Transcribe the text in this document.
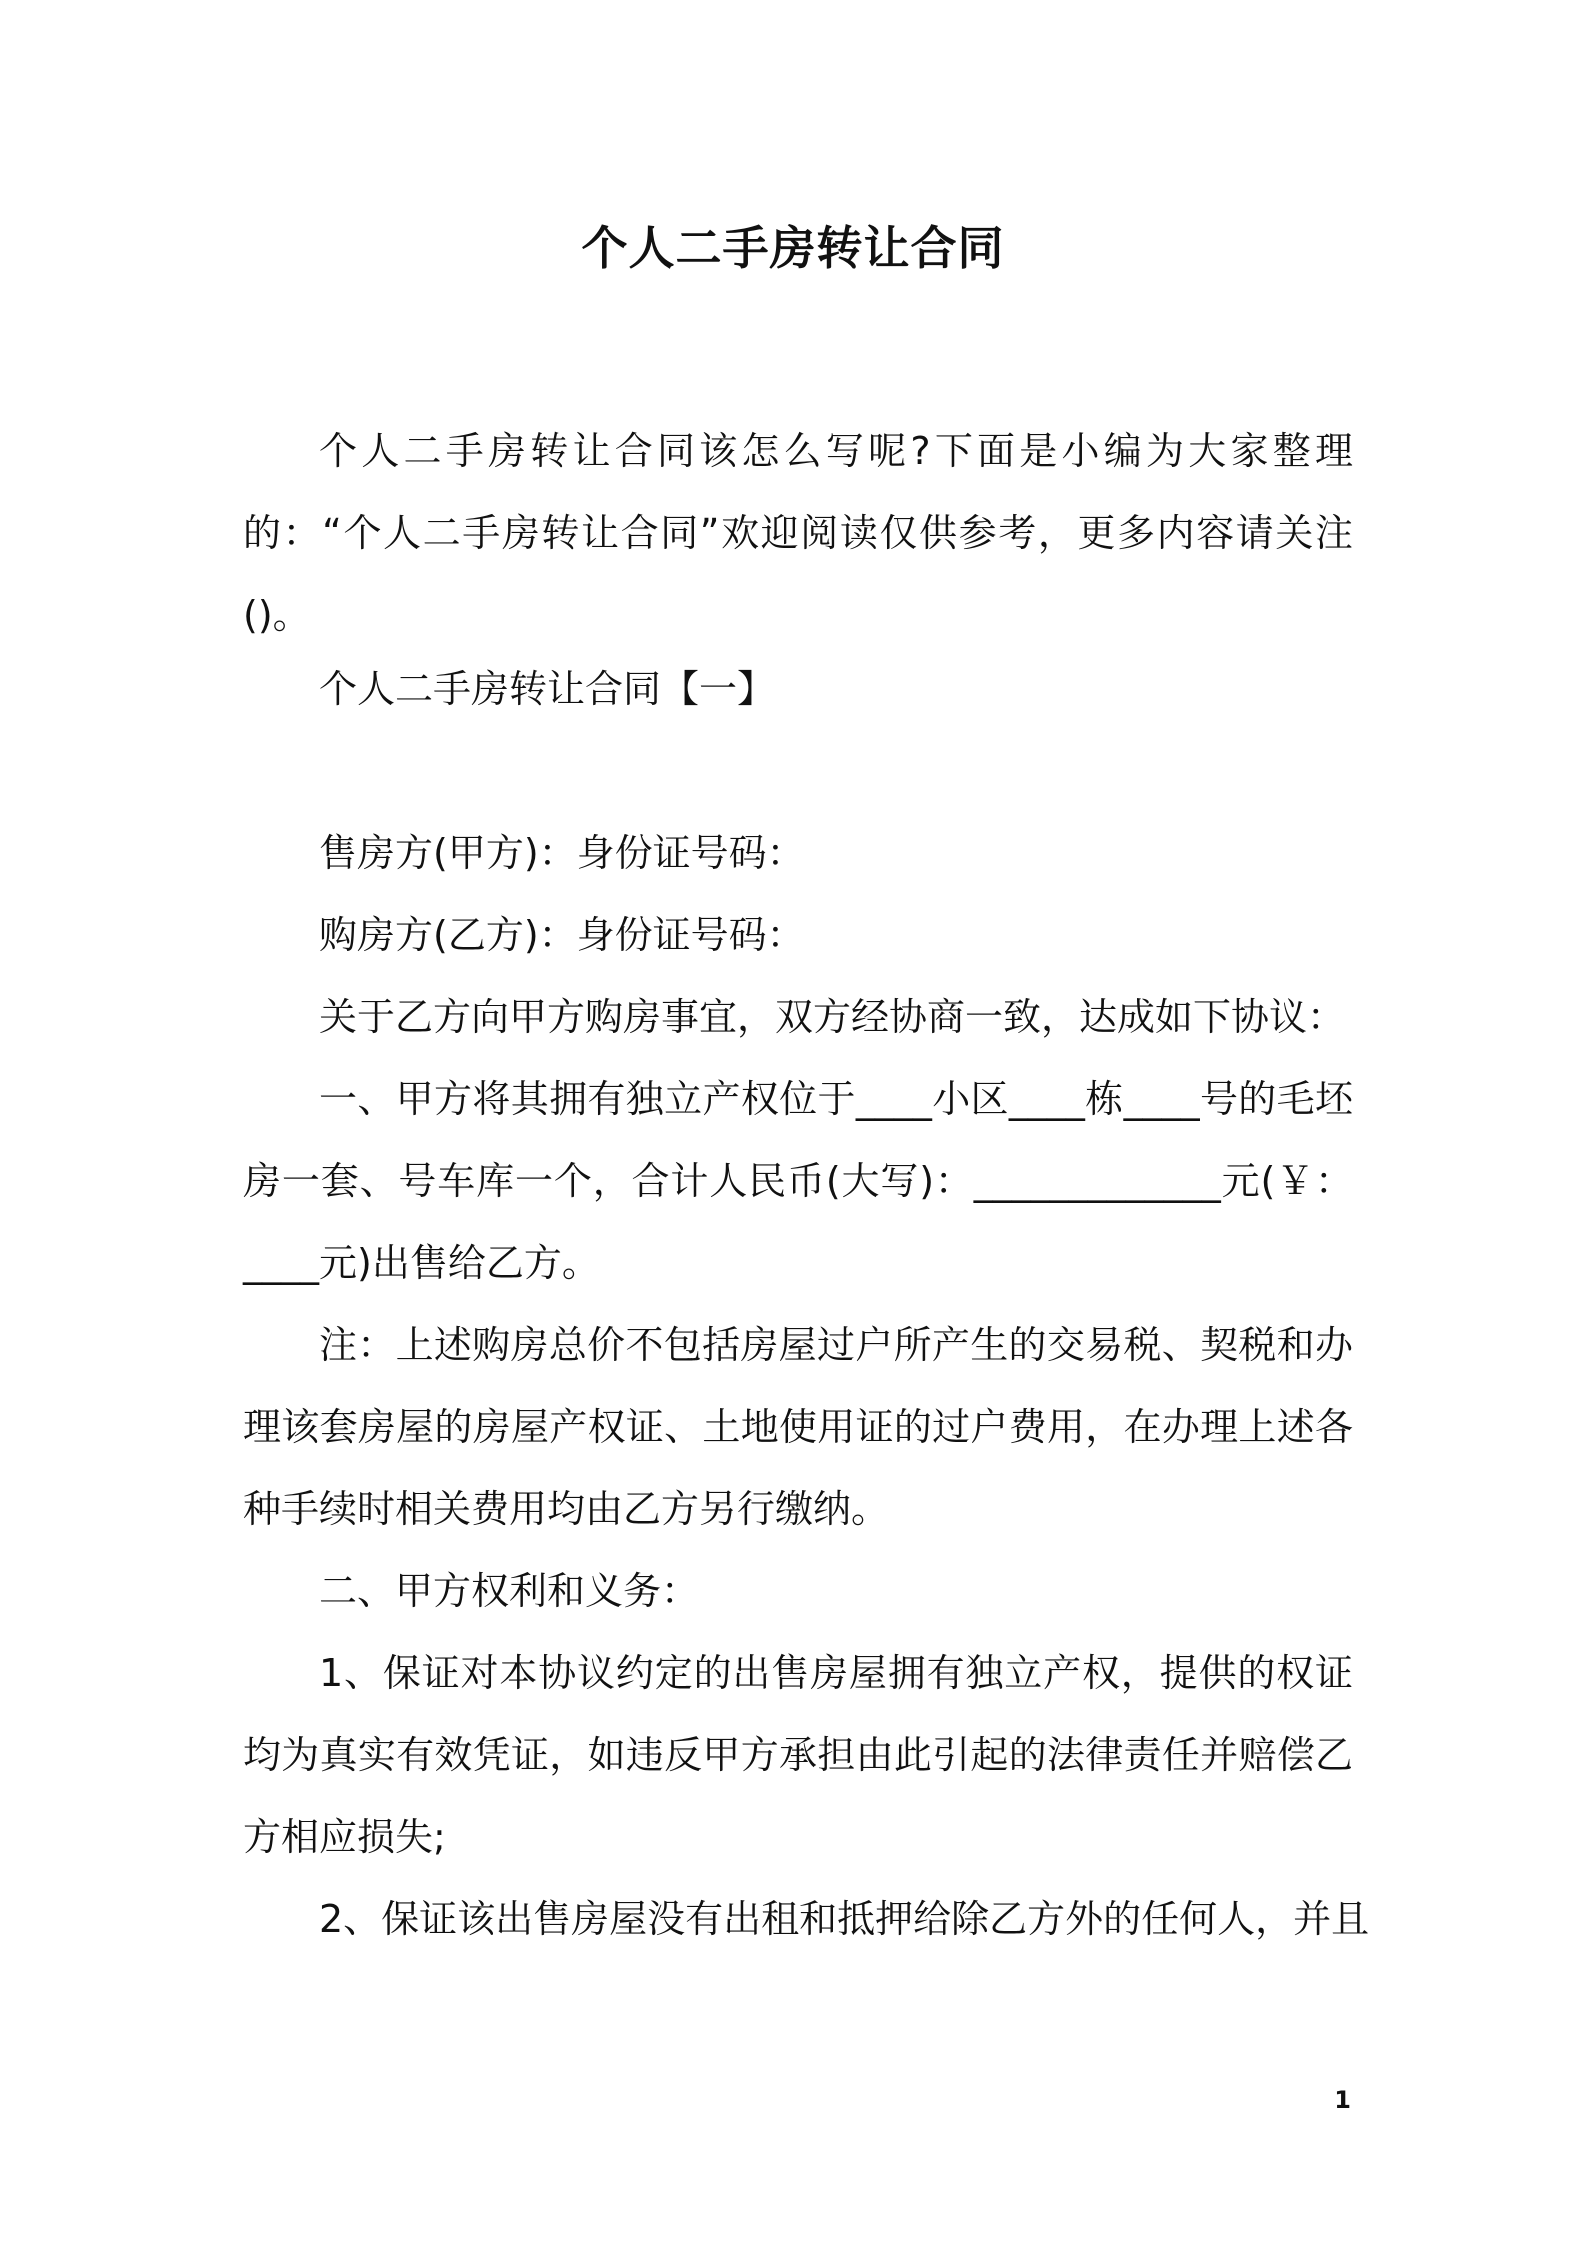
个人二手房转让合同

个人二手房转让合同该怎么写呢?下面是小编为大家整理的：“个人二手房转让合同”欢迎阅读仅供参考，更多内容请关注()。

个人二手房转让合同【一】

售房方(甲方)：身份证号码：

购房方(乙方)：身份证号码：

关于乙方向甲方购房事宜，双方经协商一致，达成如下协议：

一、甲方将其拥有独立产权位于____小区____栋____号的毛坯房一套、号车库一个，合计人民币(大写)：_____________元(￥：____元)出售给乙方。

注：上述购房总价不包括房屋过户所产生的交易税、契税和办理该套房屋的房屋产权证、土地使用证的过户费用，在办理上述各种手续时相关费用均由乙方另行缴纳。

二、甲方权利和义务：

1、保证对本协议约定的出售房屋拥有独立产权，提供的权证均为真实有效凭证，如违反甲方承担由此引起的法律责任并赔偿乙方相应损失;

2、保证该出售房屋没有出租和抵押给除乙方外的任何人，并且

1
